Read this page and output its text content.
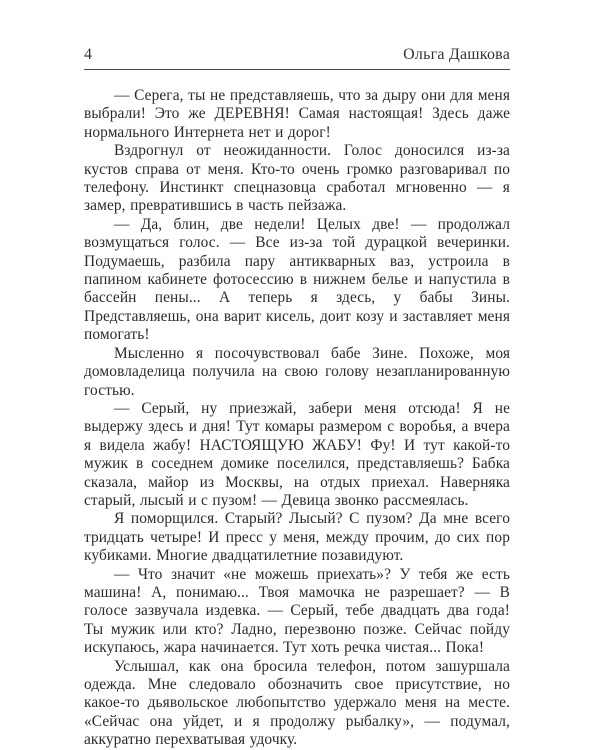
4	Ольга Дашкова

— Серега, ты не представляешь, что за дыру они для меня выбрали! Это же ДЕРЕВНЯ! Самая настоящая! Здесь даже нормального Интернета нет и дорог!

Вздрогнул от неожиданности. Голос доносился из-за кустов справа от меня. Кто-то очень громко разговаривал по телефону. Инстинкт спецназовца сработал мгновенно — я замер, превратившись в часть пейзажа.

— Да, блин, две недели! Целых две! — продолжал возмущаться голос. — Все из-за той дурацкой вечеринки. Подумаешь, разбила пару антикварных ваз, устроила в папином кабинете фотосессию в нижнем белье и напустила в бассейн пены... А теперь я здесь, у бабы Зины. Представляешь, она варит кисель, доит козу и заставляет меня помогать!

Мысленно я посочувствовал бабе Зине. Похоже, моя домовладелица получила на свою голову незапланированную гостью.

— Серый, ну приезжай, забери меня отсюда! Я не выдержу здесь и дня! Тут комары размером с воробья, а вчера я видела жабу! НАСТОЯЩУЮ ЖАБУ! Фу! И тут какой-то мужик в соседнем домике поселился, представляешь? Бабка сказала, майор из Москвы, на отдых приехал. Наверняка старый, лысый и с пузом! — Девица звонко рассмеялась.

Я поморщился. Старый? Лысый? С пузом? Да мне всего тридцать четыре! И пресс у меня, между прочим, до сих пор кубиками. Многие двадцатилетние позавидуют.

— Что значит «не можешь приехать»? У тебя же есть машина! А, понимаю... Твоя мамочка не разрешает? — В голосе зазвучала издевка. — Серый, тебе двадцать два года! Ты мужик или кто? Ладно, перезвоню позже. Сейчас пойду искупаюсь, жара начинается. Тут хоть речка чистая... Пока!

Услышал, как она бросила телефон, потом зашуршала одежда. Мне следовало обозначить свое присутствие, но какое-то дьявольское любопытство удержало меня на месте. «Сейчас она уйдет, и я продолжу рыбалку», — подумал, аккуратно перехватывая удочку.
